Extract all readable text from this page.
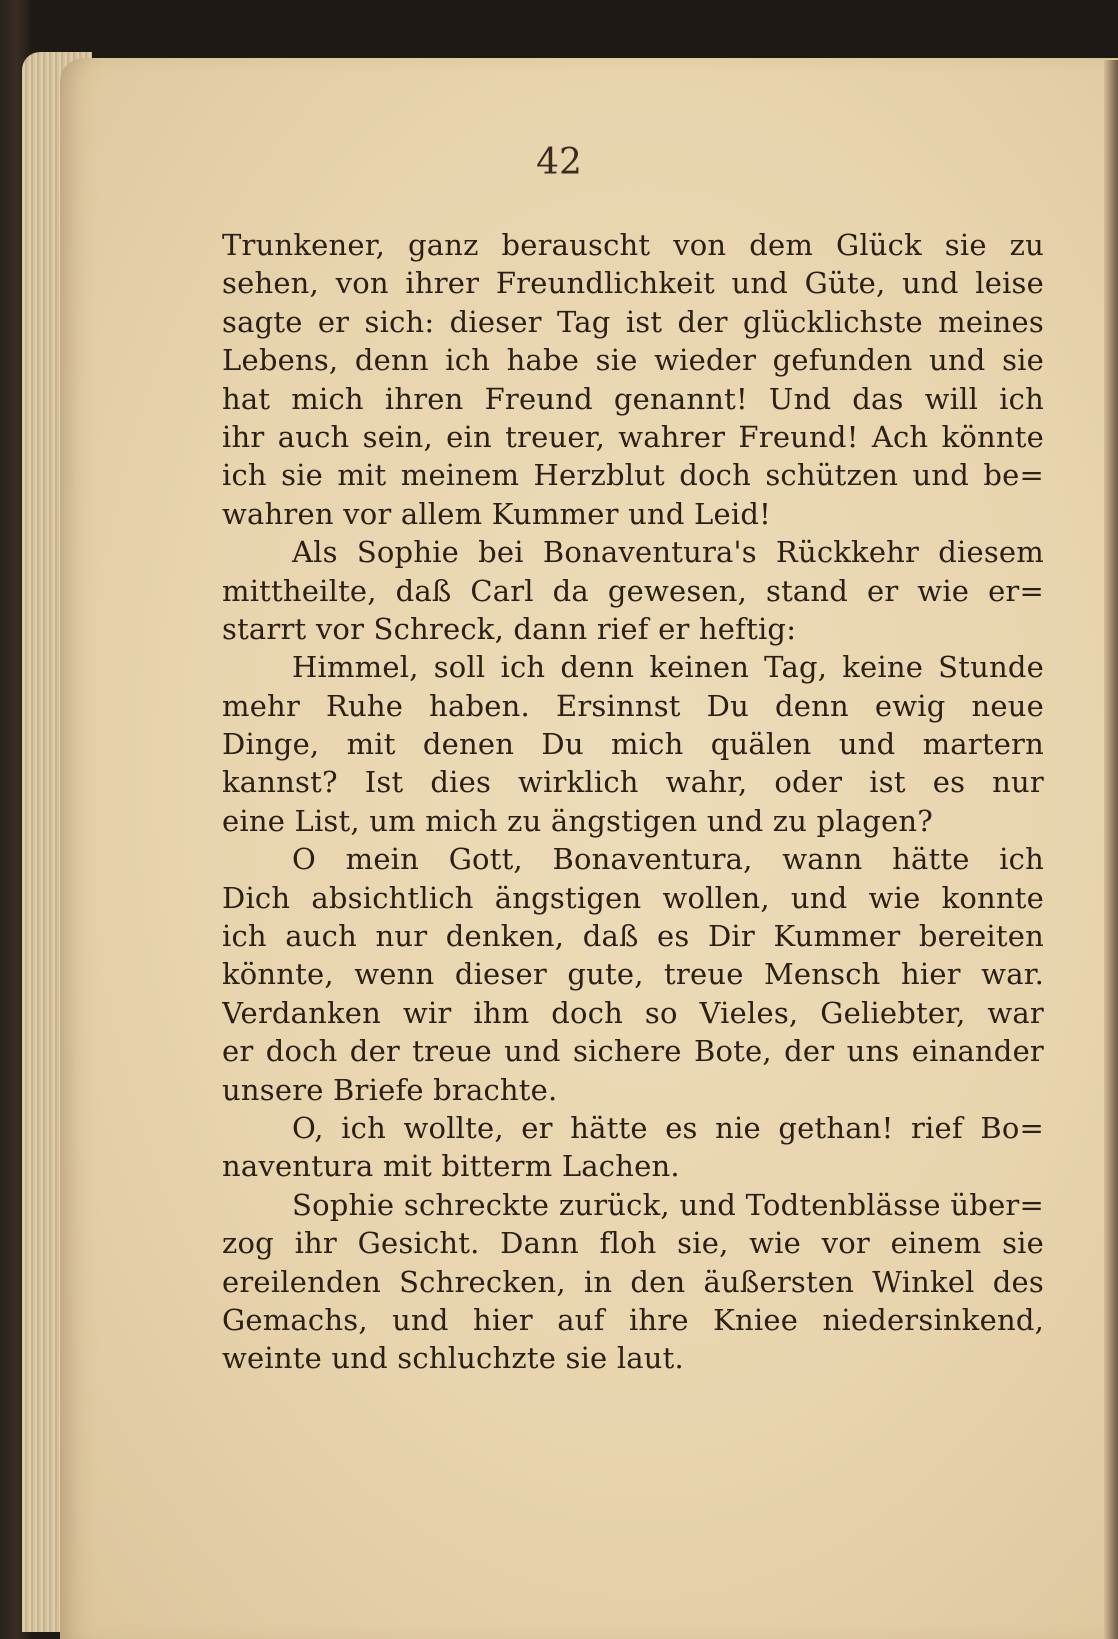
42
Trunkener, ganz berauscht von dem Glück sie zu
sehen, von ihrer Freundlichkeit und Güte, und leise
sagte er sich: dieser Tag ist der glücklichste meines
Lebens, denn ich habe sie wieder gefunden und sie
hat mich ihren Freund genannt! Und das will ich
ihr auch sein, ein treuer, wahrer Freund! Ach könnte
ich sie mit meinem Herzblut doch schützen und be=
wahren vor allem Kummer und Leid!
Als Sophie bei Bonaventura's Rückkehr diesem
mittheilte, daß Carl da gewesen, stand er wie er=
starrt vor Schreck, dann rief er heftig:
Himmel, soll ich denn keinen Tag, keine Stunde
mehr Ruhe haben. Ersinnst Du denn ewig neue
Dinge, mit denen Du mich quälen und martern
kannst? Ist dies wirklich wahr, oder ist es nur
eine List, um mich zu ängstigen und zu plagen?
O mein Gott, Bonaventura, wann hätte ich
Dich absichtlich ängstigen wollen, und wie konnte
ich auch nur denken, daß es Dir Kummer bereiten
könnte, wenn dieser gute, treue Mensch hier war.
Verdanken wir ihm doch so Vieles, Geliebter, war
er doch der treue und sichere Bote, der uns einander
unsere Briefe brachte.
O, ich wollte, er hätte es nie gethan! rief Bo=
naventura mit bitterm Lachen.
Sophie schreckte zurück, und Todtenblässe über=
zog ihr Gesicht. Dann floh sie, wie vor einem sie
ereilenden Schrecken, in den äußersten Winkel des
Gemachs, und hier auf ihre Kniee niedersinkend,
weinte und schluchzte sie laut.
